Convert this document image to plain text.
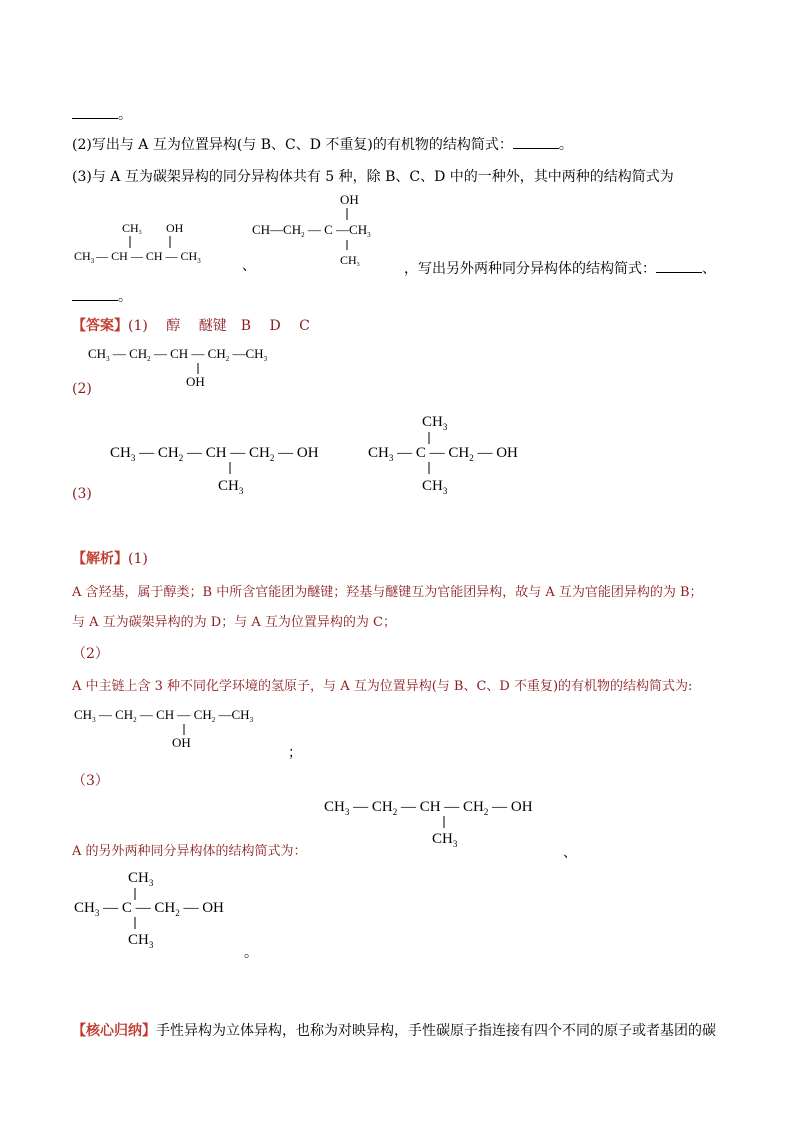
。
(2)写出与 A 互为位置异构(与 B、C、D 不重复)的有机物的结构简式：	。
(3)与 A 互为碳架异构的同分异构体共有 5 种，除 B、C、D 中的一种外，其中两种的结构简式为
CH3 OH
$CH_3$ — CH — CH — $CH_3$	、
OH
$CH—CH_2$ — C $—CH_3$
CH3	，写出另外两种同分异构体的结构简式：	、
。
【答案】(1)　 醇　 醚键　B　 D　 C
$CH_3$ — $CH_2$ — CH — $CH_2$ $—CH_3$
OH
(2)
$CH_3$ — $CH_2$ — CH — $CH_2$ — OH
$CH_3$
$CH_3$
$CH_3$ — C — $CH_2$ — OH
$CH_3$
(3)
【解析】(1)
A 含羟基，属于醇类；B 中所含官能团为醚键；羟基与醚键互为官能团异构，故与 A 互为官能团异构的为 B；
与 A 互为碳架异构的为 D；与 A 互为位置异构的为 C；
（2）
A 中主链上含 3 种不同化学环境的氢原子，与 A 互为位置异构(与 B、C、D 不重复)的有机物的结构简式为:
$CH_3$ — $CH_2$ — CH — $CH_2$ $—CH_3$
OH
；
（3）
$CH_3$ — $CH_2$ — CH — $CH_2$ — OH
$CH_3$
A 的另外两种同分异构体的结构简式为：	、
$CH_3$
$CH_3$ — C — $CH_2$ — OH
$CH_3$	。
【核心归纳】手性异构为立体异构，也称为对映异构，手性碳原子指连接有四个不同的原子或者基团的碳
